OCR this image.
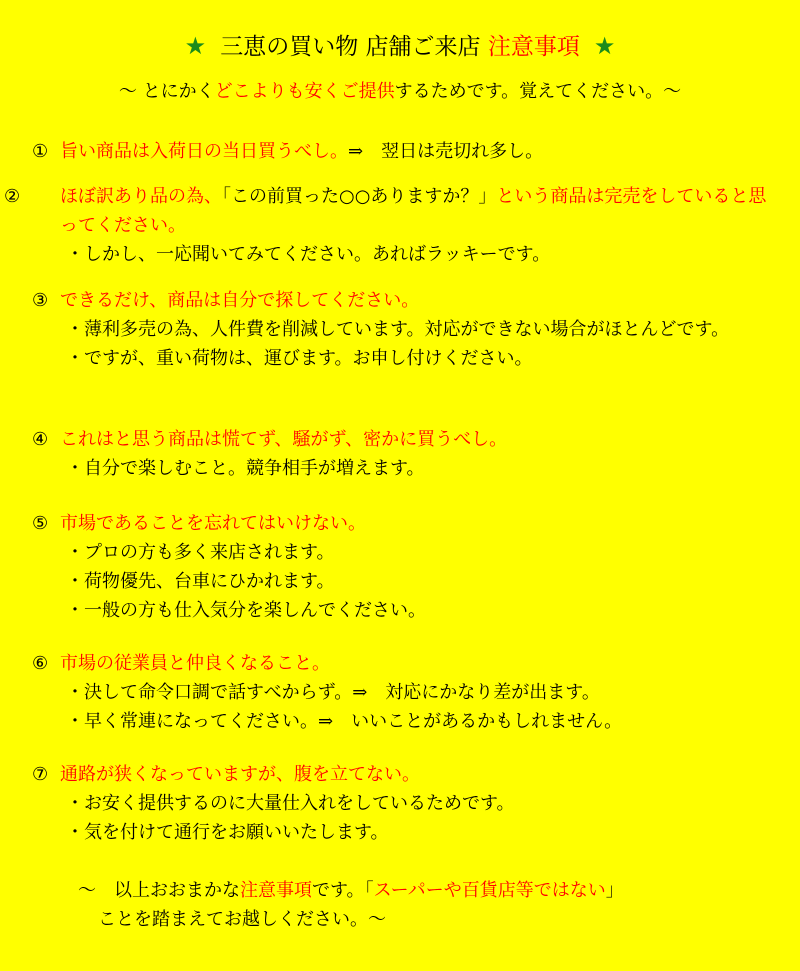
★ 三恵の買い物 店舗ご来店 注意事項 ★
～ とにかくどこよりも安くご提供するためです。覚えてください。～
① 旨い商品は入荷日の当日買うべし。⇒　翌日は売切れ多し。
② ほぼ訳あり品の為、「この前買った○○ありますか？」という商品は完売をしていると思ってください。
・しかし、一応聞いてみてください。あればラッキーです。
③ できるだけ、商品は自分で探してください。
・薄利多売の為、人件費を削減しています。対応ができない場合がほとんどです。
・ですが、重い荷物は、運びます。お申し付けください。
④ これはと思う商品は慌てず、騒がず、密かに買うべし。
・自分で楽しむこと。競争相手が増えます。
⑤ 市場であることを忘れてはいけない。
・プロの方も多く来店されます。
・荷物優先、台車にひかれます。
・一般の方も仕入気分を楽しんでください。
⑥ 市場の従業員と仲良くなること。
・決して命令口調で話すべからず。⇒　対応にかなり差が出ます。
・早く常連になってください。⇒　いいことがあるかもしれません。
⑦ 通路が狭くなっていますが、腹を立てない。
・お安く提供するのに大量仕入れをしているためです。
・気を付けて通行をお願いいたします。
～　以上おおまかな注意事項です。「スーパーや百貨店等ではない」
ことを踏まえてお越しください。～
